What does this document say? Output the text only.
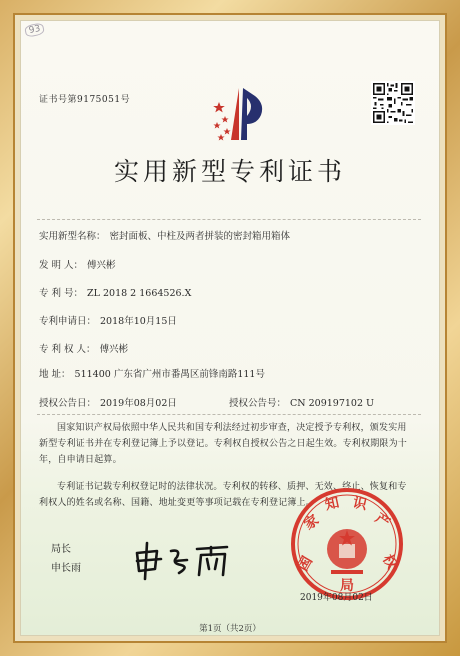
93
证书号第9175051号
实用新型专利证书
实用新型名称： 密封面板、中柱及两者拼装的密封箱用箱体
发 明 人： 傅兴彬
专 利 号： ZL 2018 2 1664526.X
专利申请日： 2018年10月15日
专 利 权 人： 傅兴彬
地 址： 511400 广东省广州市番禺区前锋南路111号
授权公告日： 2019年08月02日	授权公告号： CN 209197102 U
国家知识产权局依照中华人民共和国专利法经过初步审查，决定授予专利权，颁发实用新型专利证书并在专利登记簿上予以登记。专利权自授权公告之日起生效。专利权期限为十年，自申请日起算。
专利证书记载专利权登记时的法律状况。专利权的转移、质押、无效、终止、恢复和专利权人的姓名或名称、国籍、地址变更等事项记载在专利登记簿上。
局长
申长雨	国
家
知 识
产
权
局
2019年08月02日
第1页（共2页）
